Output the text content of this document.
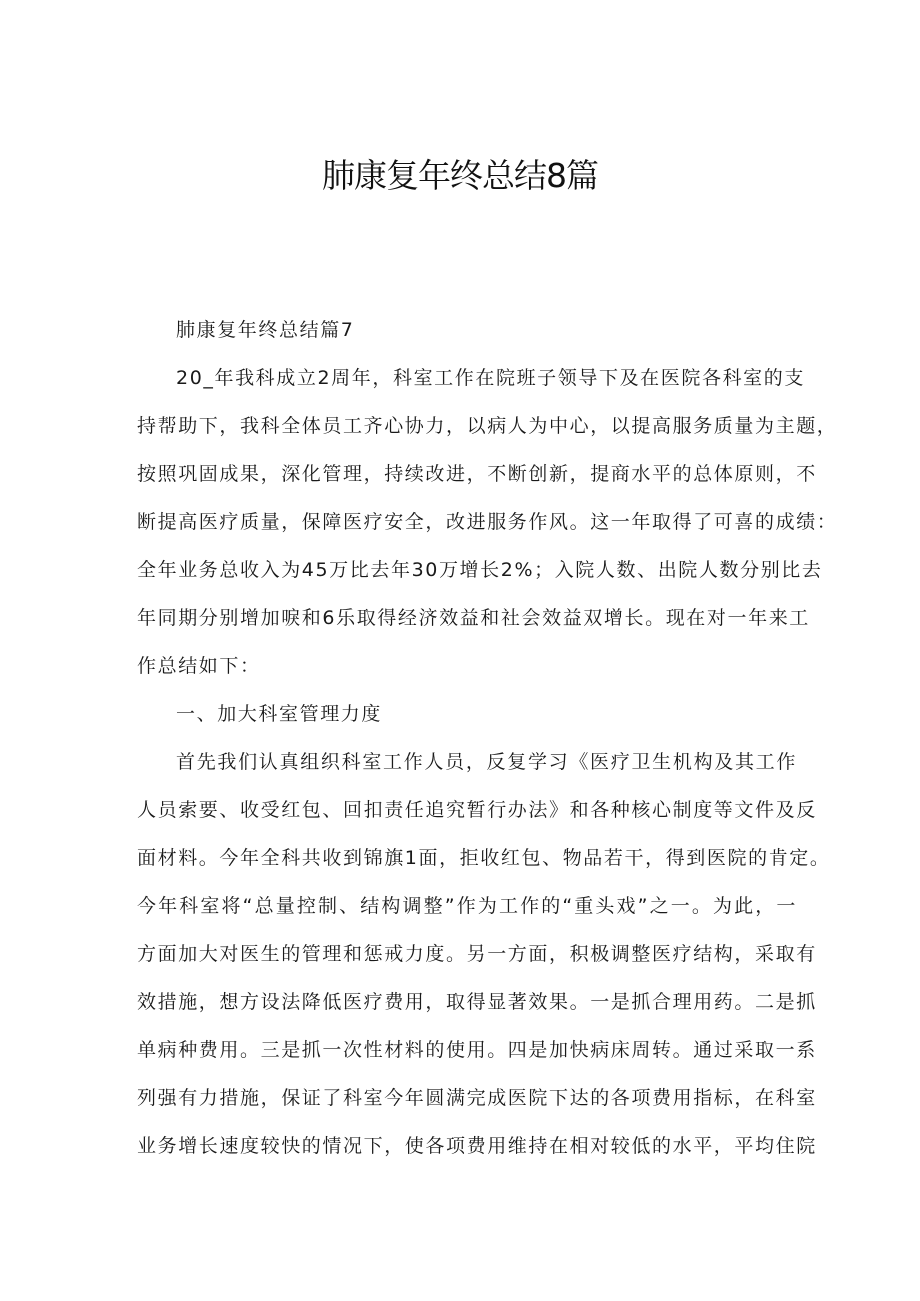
肺康复年终总结8篇

肺康复年终总结篇7

20_年我科成立2周年，科室工作在院班子领导下及在医院各科室的支

持帮助下，我科全体员工齐心协力，以病人为中心，以提高服务质量为主题，

按照巩固成果，深化管理，持续改进，不断创新，提商水平的总体原则，不

断提高医疗质量，保障医疗安全，改进服务作风。这一年取得了可喜的成绩：

全年业务总收入为45万比去年30万增长2%；入院人数、出院人数分别比去

年同期分别增加唳和6乐取得经济效益和社会效益双增长。现在对一年来工

作总结如下：

一、加大科室管理力度

首先我们认真组织科室工作人员，反复学习《医疗卫生机构及其工作

人员索要、收受红包、回扣责任追究暂行办法》和各种核心制度等文件及反

面材料。今年全科共收到锦旗1面，拒收红包、物品若干，得到医院的肯定。

今年科室将“总量控制、结构调整”作为工作的“重头戏”之一。为此，一

方面加大对医生的管理和惩戒力度。另一方面，积极调整医疗结构，采取有

效措施，想方设法降低医疗费用，取得显著效果。一是抓合理用药。二是抓

单病种费用。三是抓一次性材料的使用。四是加快病床周转。通过采取一系

列强有力措施，保证了科室今年圆满完成医院下达的各项费用指标，在科室

业务增长速度较快的情况下，使各项费用维持在相对较低的水平，平均住院
